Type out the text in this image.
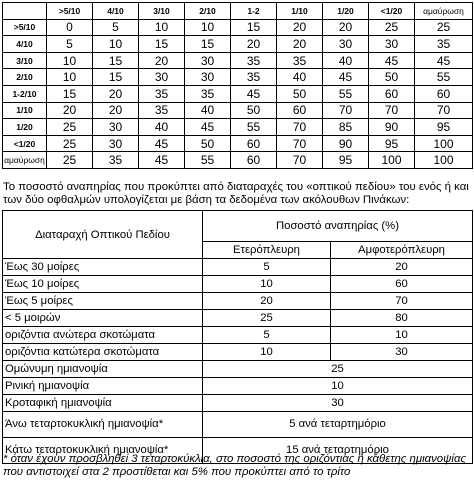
	>5/10	4/10	3/10	2/10	1-2	1/10	1/20	<1/20	αμαύρωση
>5/10	0	5	10	10	15	20	20	25	25
4/10	5	10	15	15	20	20	30	30	35
3/10	10	15	20	30	35	35	40	45	45
2/10	10	15	30	30	35	40	45	50	55
1-2/10	15	20	35	35	45	50	55	60	60
1/10	20	20	35	40	50	60	70	70	70
1/20	25	30	40	45	55	70	85	90	95
<1/20	25	30	45	50	60	70	90	95	100
αμαύρωση	25	35	45	55	60	70	95	100	100

Το ποσοστό αναπηρίας που προκύπτει από διαταραχές του «οπτικού πεδίου» του ενός ή και των δύο οφθαλμών υπολογίζεται με βάση τα δεδομένα των ακόλουθων Πινάκων:

Διαταραχή Οπτικού Πεδίου	Ποσοστό αναπηρίας (%)	
	Ετερόπλευρη	Αμφοτερόπλευρη
Έως 30 μοίρες	5	20
Έως 10 μοίρες	10	60
Έως 5 μοίρες	20	70
< 5 μοιρών	25	80
οριζόντια ανώτερα σκοτώματα	5	10
οριζόντια κατώτερα σκοτώματα	10	30
Ομώνυμη ημιανοψία	25	
Ρινική ημιανοψία	10	
Κροταφική ημιανοψία	30	
Άνω τεταρτοκυκλική ημιανοψία*	5 ανά τεταρτημόριο	
Κάτω τεταρτοκυκλική ημιανοψία*	15 ανά τεταρτημόριο	

* όταν έχουν προσβληθεί 3 τεταρτοκύκλια, στο ποσοστό της οριζόντιας ή κάθετης ημιανοψίας που αντιστοιχεί στα 2 προστίθεται και 5% που προκύπτει από το τρίτο
